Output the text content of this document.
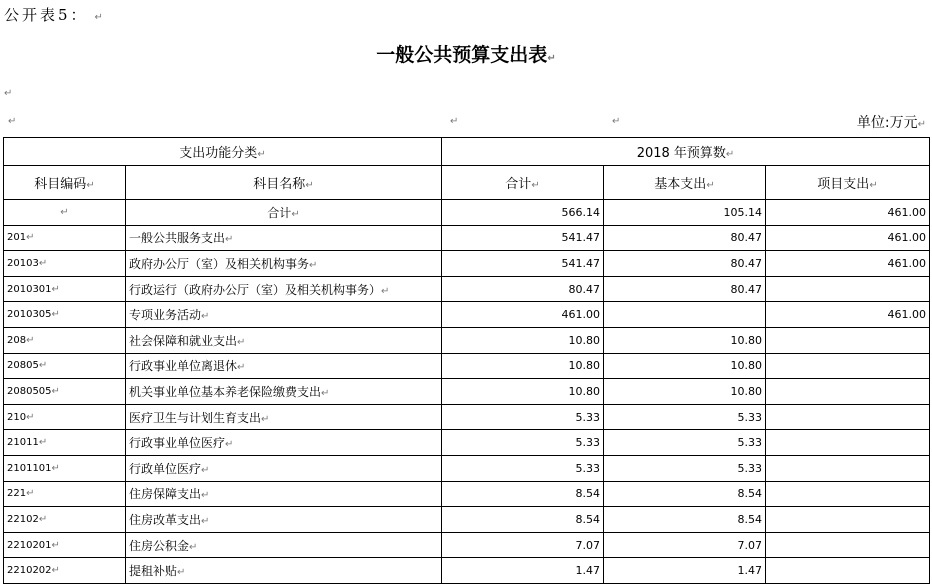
公开表5： ↵
一般公共预算支出表↵
↵
↵	↵	↵	单位:万元↵
支出功能分类↵		2018 年预算数↵		
科目编码↵	科目名称↵	合计↵	基本支出↵	项目支出↵
↵	合计↵	566.14	105.14	461.00
201↵	一般公共服务支出↵	541.47	80.47	461.00
20103↵	政府办公厅（室）及相关机构事务↵	541.47	80.47	461.00
2010301↵	行政运行（政府办公厅（室）及相关机构事务）↵	80.47	80.47	
2010305↵	专项业务活动↵	461.00		461.00
208↵	社会保障和就业支出↵	10.80	10.80	
20805↵	行政事业单位离退休↵	10.80	10.80	
2080505↵	机关事业单位基本养老保险缴费支出↵	10.80	10.80	
210↵	医疗卫生与计划生育支出↵	5.33	5.33	
21011↵	行政事业单位医疗↵	5.33	5.33	
2101101↵	行政单位医疗↵	5.33	5.33	
221↵	住房保障支出↵	8.54	8.54	
22102↵	住房改革支出↵	8.54	8.54	
2210201↵	住房公积金↵	7.07	7.07	
2210202↵	提租补贴↵	1.47	1.47	
